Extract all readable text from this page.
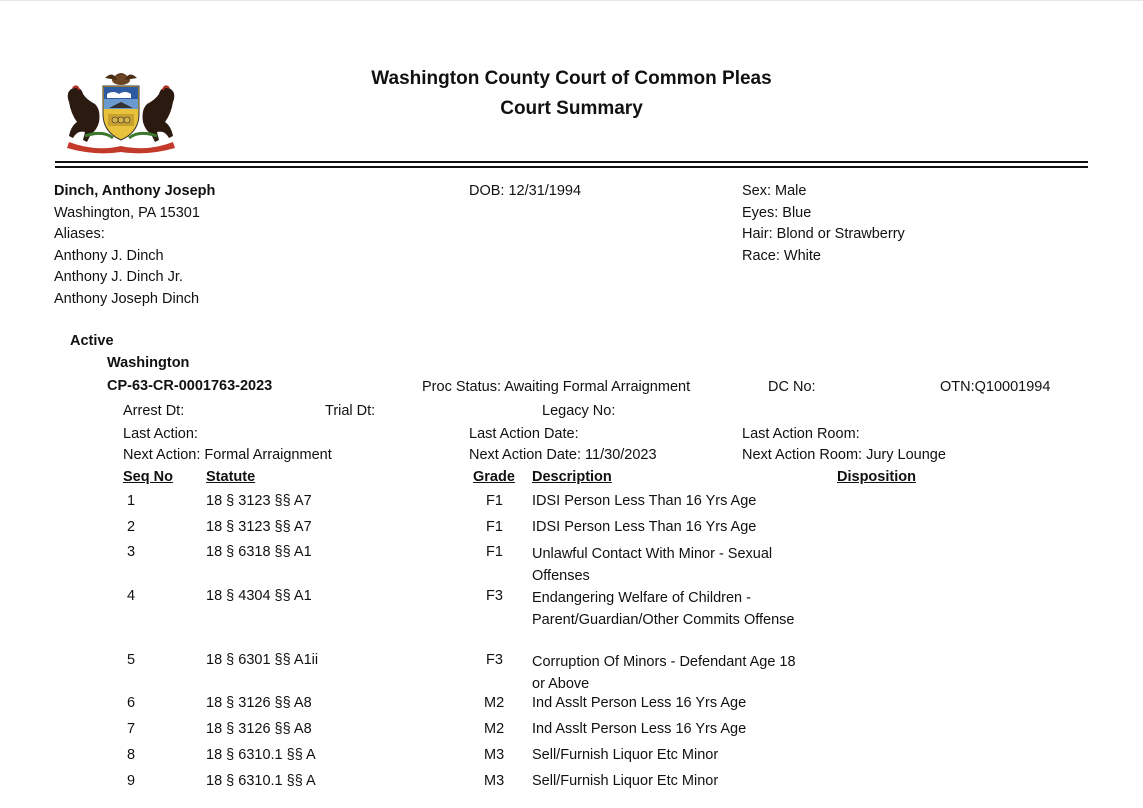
Washington County Court of Common Pleas
Court Summary
Dinch, Anthony Joseph
Washington, PA 15301
Aliases:
Anthony J. Dinch
Anthony J. Dinch Jr.
Anthony Joseph Dinch
DOB: 12/31/1994	Sex: Male
Eyes: Blue
Hair: Blond or Strawberry
Race: White
Active
Washington
CP-63-CR-0001763-2023	Proc Status: Awaiting Formal Arraignment	DC No:	OTN:Q10001994
Arrest Dt:	Trial Dt:	Legacy No:
Last Action:	Last Action Date:	Last Action Room:
Next Action: Formal Arraignment	Next Action Date: 11/30/2023	Next Action Room: Jury Lounge
Seq No Statute	Grade Description	Disposition
1	18 § 3123 §§ A7	F1 IDSI Person Less Than 16 Yrs Age
2	18 § 3123 §§ A7	F1 IDSI Person Less Than 16 Yrs Age
3	18 § 6318 §§ A1	F1 Unlawful Contact With Minor - Sexual Offenses
4	18 § 4304 §§ A1	F3 Endangering Welfare of Children - Parent/Guardian/Other Commits Offense
5	18 § 6301 §§ A1ii	F3 Corruption Of Minors - Defendant Age 18 or Above
6	18 § 3126 §§ A8	M2 Ind Asslt Person Less 16 Yrs Age
7	18 § 3126 §§ A8	M2 Ind Asslt Person Less 16 Yrs Age
8	18 § 6310.1 §§ A	M3 Sell/Furnish Liquor Etc Minor
9	18 § 6310.1 §§ A	M3 Sell/Furnish Liquor Etc Minor
